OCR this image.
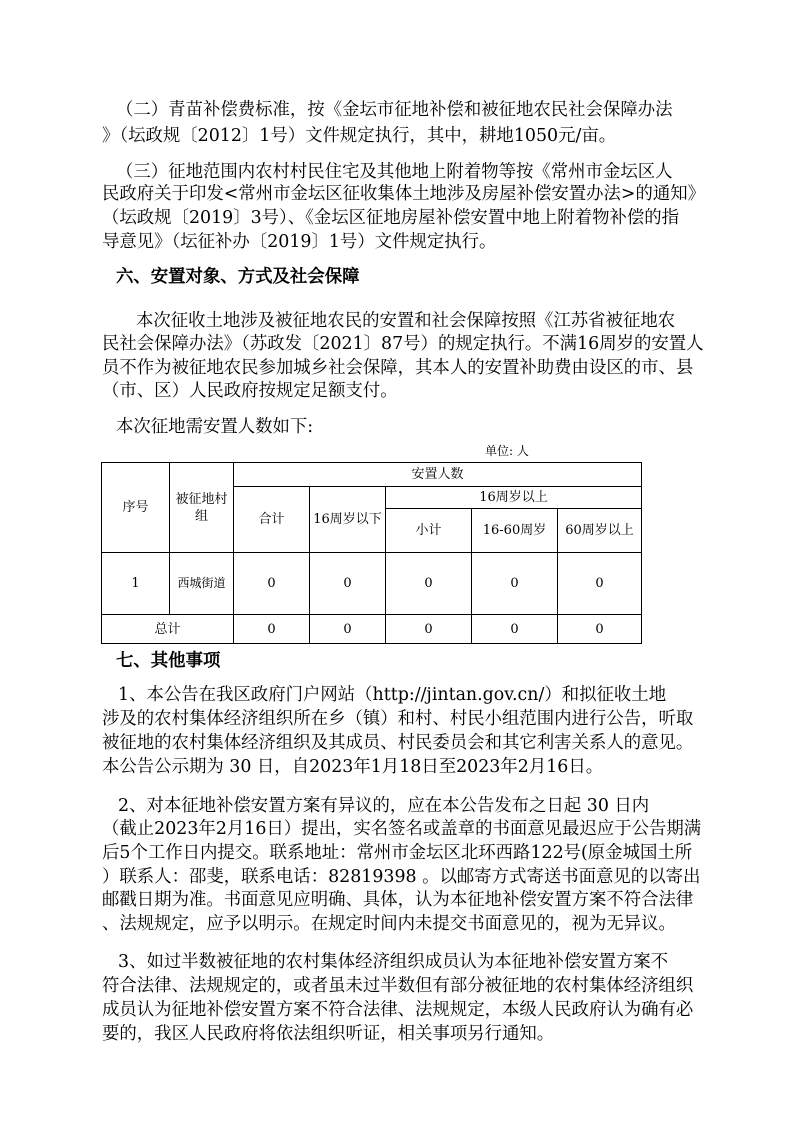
（二）青苗补偿费标准，按《金坛市征地补偿和被征地农民社会保障办法

》（坛政规〔2012〕1号）文件规定执行，其中，耕地1050元/亩。

（三）征地范围内农村村民住宅及其他地上附着物等按《常州市金坛区人

民政府关于印发<常州市金坛区征收集体土地涉及房屋补偿安置办法>的通知》

（坛政规〔2019〕3号）、《金坛区征地房屋补偿安置中地上附着物补偿的指

导意见》（坛征补办〔2019〕1号）文件规定执行。

六、安置对象、方式及社会保障

本次征收土地涉及被征地农民的安置和社会保障按照《江苏省被征地农

民社会保障办法》（苏政发〔2021〕87号）的规定执行。不满16周岁的安置人

员不作为被征地农民参加城乡社会保障，其本人的安置补助费由设区的市、县

（市、区）人民政府按规定足额支付。

本次征地需安置人数如下:

单位: 人
序号	被征地村组	安置人数				
		合计	16周岁以下	16周岁以上		
				小计	16-60周岁	60周岁以上
1	西城街道	0	0	0	0	0
总计		0	0	0	0	0

七、其他事项

1、本公告在我区政府门户网站（http://jintan.gov.cn/）和拟征收土地

涉及的农村集体经济组织所在乡（镇）和村、村民小组范围内进行公告，听取

被征地的农村集体经济组织及其成员、村民委员会和其它利害关系人的意见。

本公告公示期为 30 日，自2023年1月18日至2023年2月16日。

2、对本征地补偿安置方案有异议的，应在本公告发布之日起 30 日内

（截止2023年2月16日）提出，实名签名或盖章的书面意见最迟应于公告期满

后5个工作日内提交。联系地址：常州市金坛区北环西路122号(原金城国土所

）联系人：邵斐，联系电话：82819398 。以邮寄方式寄送书面意见的以寄出

邮戳日期为准。书面意见应明确、具体，认为本征地补偿安置方案不符合法律

、法规规定，应予以明示。在规定时间内未提交书面意见的，视为无异议。

3、如过半数被征地的农村集体经济组织成员认为本征地补偿安置方案不

符合法律、法规规定的，或者虽未过半数但有部分被征地的农村集体经济组织

成员认为征地补偿安置方案不符合法律、法规规定，本级人民政府认为确有必

要的，我区人民政府将依法组织听证，相关事项另行通知。
